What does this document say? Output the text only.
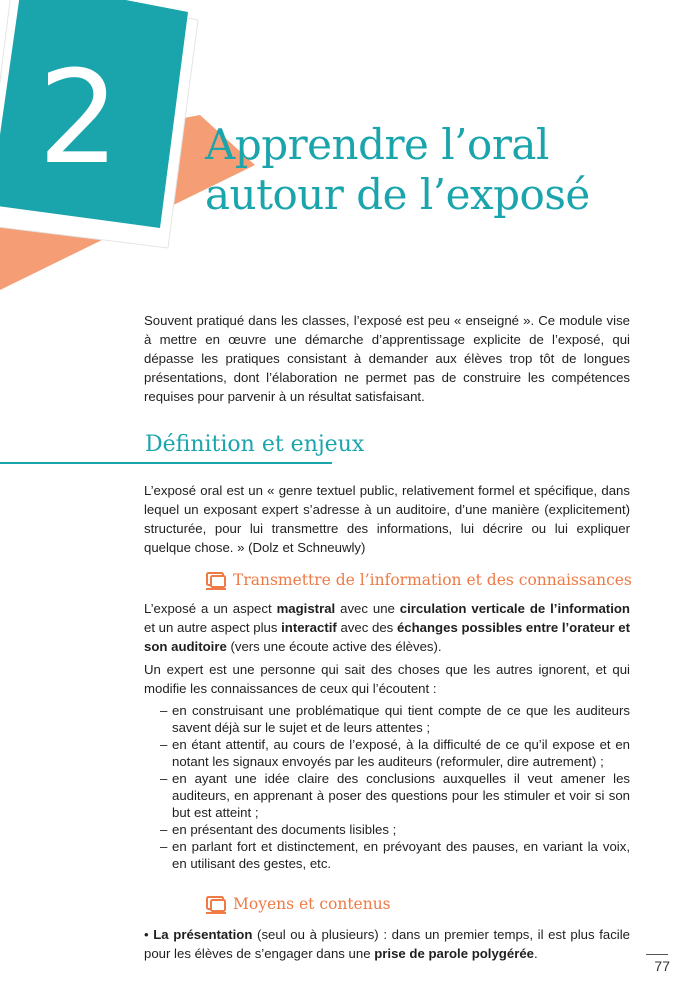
2 Apprendre l’oral
autour de l’exposé

Souvent pratiqué dans les classes, l’exposé est peu « enseigné ». Ce module vise à mettre en œuvre une démarche d’apprentissage explicite de l’exposé, qui dépasse les pratiques consistant à demander aux élèves trop tôt de longues présentations, dont l’élaboration ne permet pas de construire les compétences requises pour parvenir à un résultat satisfaisant.

Définition et enjeux

L’exposé oral est un « genre textuel public, relativement formel et spécifique, dans lequel un exposant expert s’adresse à un auditoire, d’une manière (explicitement) structurée, pour lui transmettre des informations, lui décrire ou lui expliquer quelque chose. » (Dolz et Schneuwly)

Transmettre de l’information et des connaissances

L’exposé a un aspect magistral avec une circulation verticale de l’information et un autre aspect plus interactif avec des échanges possibles entre l’orateur et son auditoire (vers une écoute active des élèves).

Un expert est une personne qui sait des choses que les autres ignorent, et qui modifie les connaissances de ceux qui l’écoutent :

– en construisant une problématique qui tient compte de ce que les auditeurs savent déjà sur le sujet et de leurs attentes ;
– en étant attentif, au cours de l’exposé, à la difficulté de ce qu’il expose et en notant les signaux envoyés par les auditeurs (reformuler, dire autrement) ;
– en ayant une idée claire des conclusions auxquelles il veut amener les auditeurs, en apprenant à poser des questions pour les stimuler et voir si son but est atteint ;
– en présentant des documents lisibles ;
– en parlant fort et distinctement, en prévoyant des pauses, en variant la voix, en utilisant des gestes, etc.
Moyens et contenus

• La présentation (seul ou à plusieurs) : dans un premier temps, il est plus facile pour les élèves de s’engager dans une prise de parole polygérée.

77
